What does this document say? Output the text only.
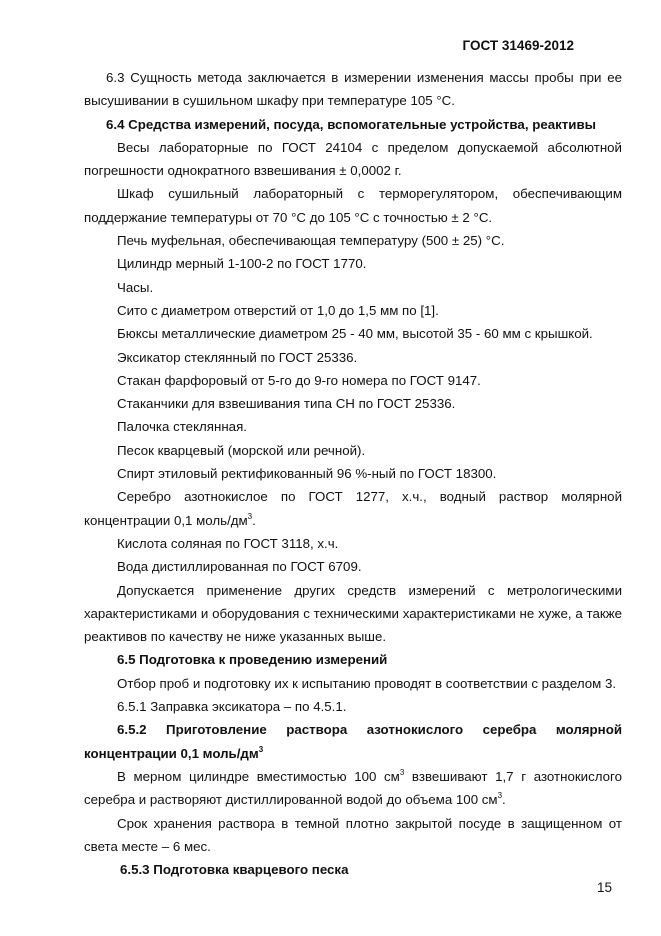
ГОСТ 31469-2012

6.3 Сущность метода заключается в измерении изменения массы пробы при ее высушивании в сушильном шкафу при температуре 105 °С.

6.4 Средства измерений, посуда, вспомогательные устройства, реактивы

Весы лабораторные по ГОСТ 24104 с пределом допускаемой абсолютной погрешности однократного взвешивания ± 0,0002 г.

Шкаф сушильный лабораторный с терморегулятором, обеспечивающим поддержание температуры от 70 °С до 105 °С с точностью ± 2 °С.

Печь муфельная, обеспечивающая температуру (500 ± 25) °С.

Цилиндр мерный 1-100-2 по ГОСТ 1770.

Часы.

Сито с диаметром отверстий от 1,0 до 1,5 мм по [1].

Бюксы металлические диаметром 25 - 40 мм, высотой 35 - 60 мм с крышкой.

Эксикатор стеклянный по ГОСТ 25336.

Стакан фарфоровый от 5-го до 9-го номера по ГОСТ 9147.

Стаканчики для взвешивания типа СН по ГОСТ 25336.

Палочка стеклянная.

Песок кварцевый (морской или речной).

Спирт этиловый ректификованный 96 %-ный по ГОСТ 18300.

Серебро азотнокислое по ГОСТ 1277, х.ч., водный раствор молярной концентрации 0,1 моль/$дм^3$.

Кислота соляная по ГОСТ 3118, х.ч.

Вода дистиллированная по ГОСТ 6709.

Допускается применение других средств измерений с метрологическими характеристиками и оборудования с техническими характеристиками не хуже, а также реактивов по качеству не ниже указанных выше.

6.5 Подготовка к проведению измерений

Отбор проб и подготовку их к испытанию проводят в соответствии с разделом 3.

6.5.1 Заправка эксикатора – по 4.5.1.

6.5.2 Приготовление раствора азотнокислого серебра молярной концентрации 0,1 моль/$дм^3$

В мерном цилиндре вместимостью 100 $см^3$ взвешивают 1,7 г азотнокислого серебра и растворяют дистиллированной водой до объема 100 $см^3$.

Срок хранения раствора в темной плотно закрытой посуде в защищенном от света месте – 6 мес.

6.5.3 Подготовка кварцевого песка

15
